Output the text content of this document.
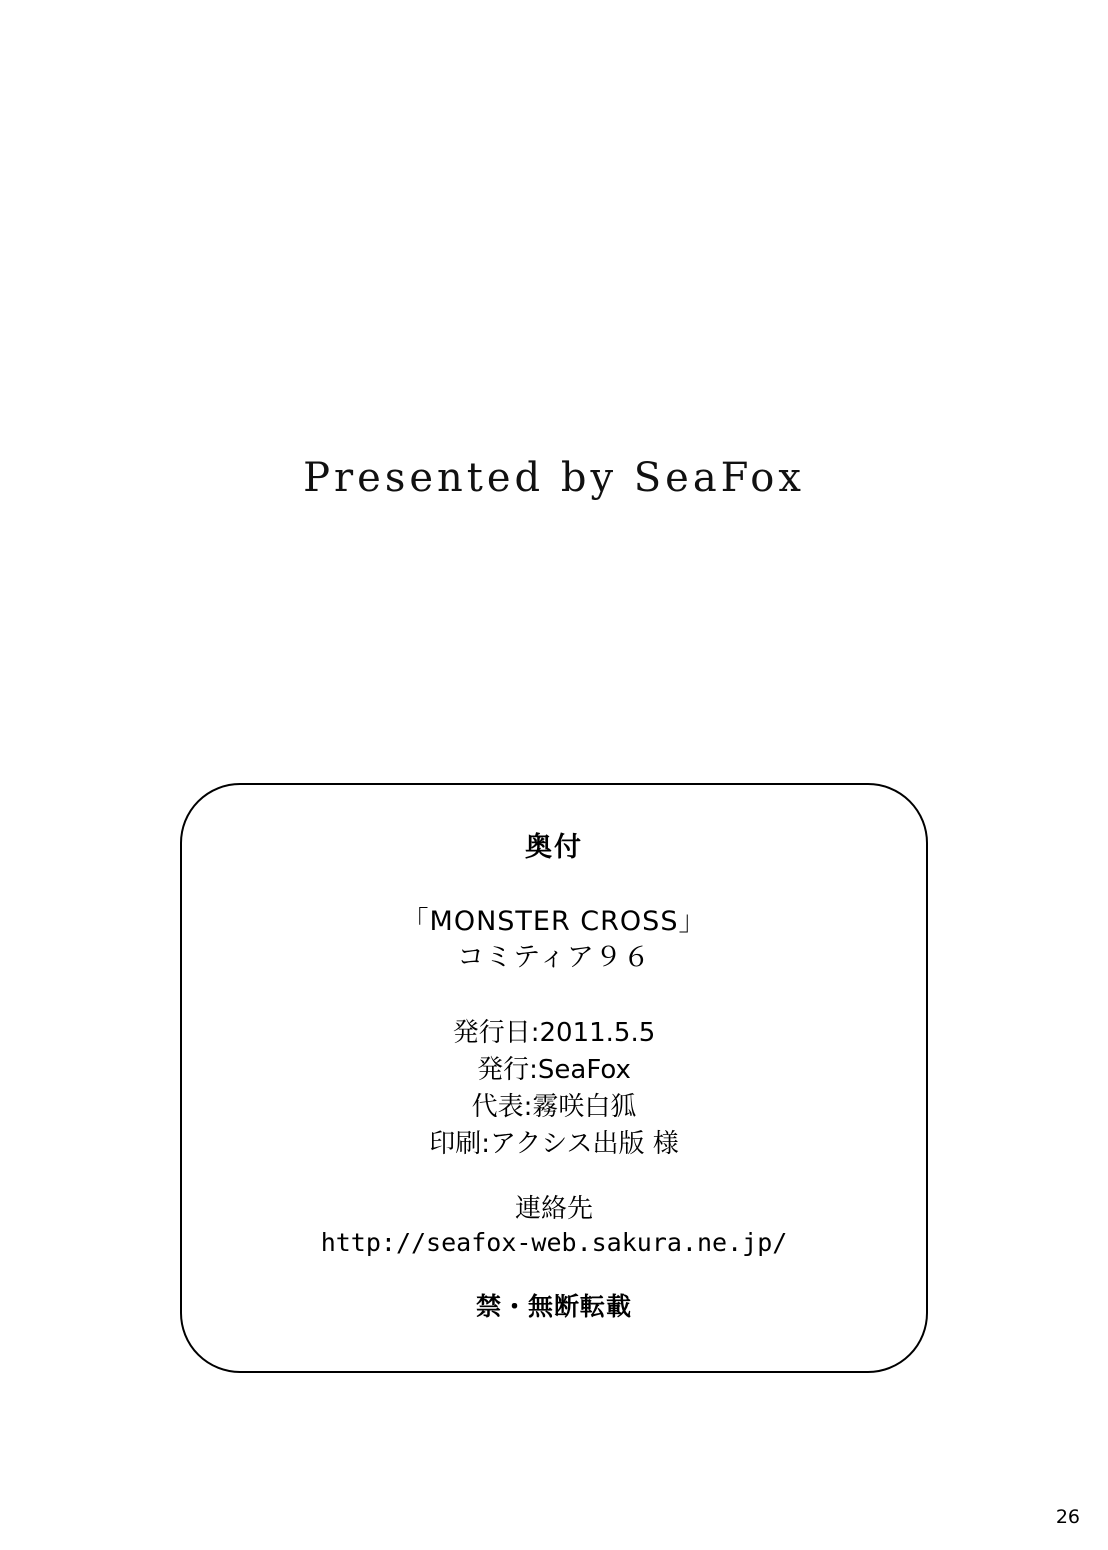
Presented by SeaFox
奥付
「MONSTER CROSS」
コミティア９６
発行日:2011.5.5
発行:SeaFox
代表:霧咲白狐
印刷:アクシス出版 様
連絡先
http://seafox-web.sakura.ne.jp/
禁・無断転載
26
